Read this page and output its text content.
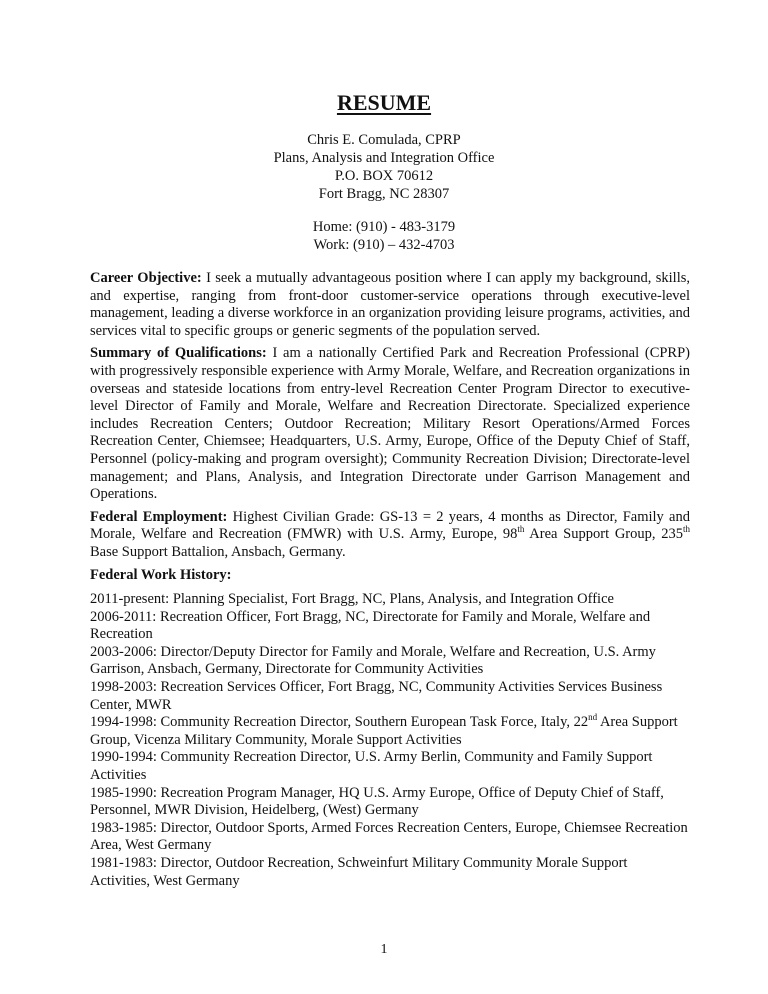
RESUME
Chris E. Comulada, CPRP
Plans, Analysis and Integration Office
P.O. BOX 70612
Fort Bragg, NC 28307
Home: (910) - 483-3179
Work: (910) – 432-4703

Career Objective: I seek a mutually advantageous position where I can apply my background, skills, and expertise, ranging from front-door customer-service operations through executive-level management, leading a diverse workforce in an organization providing leisure programs, activities, and services vital to specific groups or generic segments of the population served.

Summary of Qualifications: I am a nationally Certified Park and Recreation Professional (CPRP) with progressively responsible experience with Army Morale, Welfare, and Recreation organizations in overseas and stateside locations from entry-level Recreation Center Program Director to executive-level Director of Family and Morale, Welfare and Recreation Directorate. Specialized experience includes Recreation Centers; Outdoor Recreation; Military Resort Operations/Armed Forces Recreation Center, Chiemsee; Headquarters, U.S. Army, Europe, Office of the Deputy Chief of Staff, Personnel (policy-making and program oversight); Community Recreation Division; Directorate-level management; and Plans, Analysis, and Integration Directorate under Garrison Management and Operations.

Federal Employment: Highest Civilian Grade: GS-13 = 2 years, 4 months as Director, Family and Morale, Welfare and Recreation (FMWR) with U.S. Army, Europe, 98th Area Support Group, 235th Base Support Battalion, Ansbach, Germany.

Federal Work History:

2011-present: Planning Specialist, Fort Bragg, NC, Plans, Analysis, and Integration Office

2006-2011: Recreation Officer, Fort Bragg, NC, Directorate for Family and Morale, Welfare and Recreation

2003-2006: Director/Deputy Director for Family and Morale, Welfare and Recreation, U.S. Army Garrison, Ansbach, Germany, Directorate for Community Activities

1998-2003: Recreation Services Officer, Fort Bragg, NC, Community Activities Services Business Center, MWR

1994-1998: Community Recreation Director, Southern European Task Force, Italy, 22nd Area Support Group, Vicenza Military Community, Morale Support Activities

1990-1994: Community Recreation Director, U.S. Army Berlin, Community and Family Support Activities

1985-1990: Recreation Program Manager, HQ U.S. Army Europe, Office of Deputy Chief of Staff, Personnel, MWR Division, Heidelberg, (West) Germany

1983-1985: Director, Outdoor Sports, Armed Forces Recreation Centers, Europe, Chiemsee Recreation Area, West Germany

1981-1983: Director, Outdoor Recreation, Schweinfurt Military Community Morale Support Activities, West Germany

1
